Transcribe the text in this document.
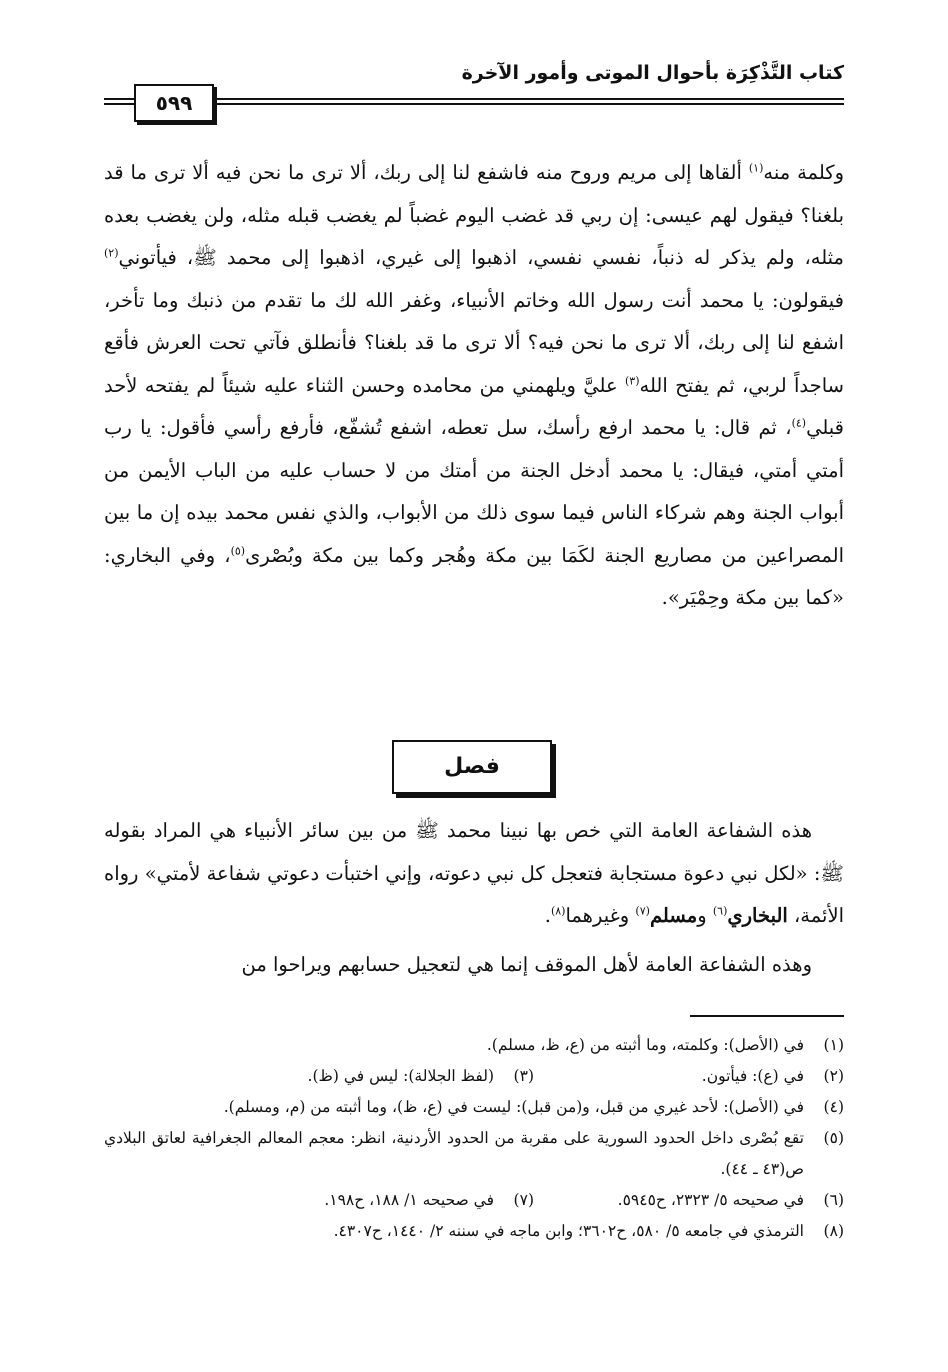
كتاب التَّذْكِرَة بأحوال الموتى وأمور الآخرة
٥٩٩

وكلمة منه$^{(١)}$ ألقاها إلى مريم وروح منه فاشفع لنا إلى ربك، ألا ترى ما نحن فيه ألا ترى ما قد بلغنا؟ فيقول لهم عيسى: إن ربي قد غضب اليوم غضباً لم يغضب قبله مثله، ولن يغضب بعده مثله، ولم يذكر له ذنباً، نفسي نفسي، اذهبوا إلى غيري، اذهبوا إلى محمد ﷺ، فيأتوني$^{(٢)}$ فيقولون: يا محمد أنت رسول الله وخاتم الأنبياء، وغفر الله لك ما تقدم من ذنبك وما تأخر، اشفع لنا إلى ربك، ألا ترى ما نحن فيه؟ ألا ترى ما قد بلغنا؟ فأنطلق فآتي تحت العرش فأقع ساجداً لربي، ثم يفتح الله$^{(٣)}$ عليَّ ويلهمني من محامده وحسن الثناء عليه شيئاً لم يفتحه لأحد قبلي$^{(٤)}$، ثم قال: يا محمد ارفع رأسك، سل تعطه، اشفع تُشفّع، فأرفع رأسي فأقول: يا رب أمتي أمتي، فيقال: يا محمد أدخل الجنة من أمتك من لا حساب عليه من الباب الأيمن من أبواب الجنة وهم شركاء الناس فيما سوى ذلك من الأبواب، والذي نفس محمد بيده إن ما بين المصراعين من مصاريع الجنة لكَمَا بين مكة وهُجر وكما بين مكة وبُصْرى$^{(٥)}$، وفي البخاري: «كما بين مكة وحِمْيَر».

فصل

هذه الشفاعة العامة التي خص بها نبينا محمد ﷺ من بين سائر الأنبياء هي المراد بقوله ﷺ: «لكل نبي دعوة مستجابة فتعجل كل نبي دعوته، وإني اختبأت دعوتي شفاعة لأمتي» رواه الأئمة، البخاري$^{(٦)}$ ومسلم$^{(٧)}$ وغيرهما$^{(٨)}$.

وهذه الشفاعة العامة لأهل الموقف إنما هي لتعجيل حسابهم ويراحوا من

(١)
في (الأصل): وكلمته، وما أثبته من (ع، ظ، مسلم).
(٢)
في (ع): فيأتون.
(٣)
(لفظ الجلالة): ليس في (ظ).
(٤)
في (الأصل): لأحد غيري من قبل، و(من قبل): ليست في (ع، ظ)، وما أثبته من (م، ومسلم).
(٥)
تقع بُصْرى داخل الحدود السورية على مقربة من الحدود الأردنية، انظر: معجم المعالم الجغرافية لعاتق البلادي ص(٤٣ ـ ٤٤).
(٦)
في صحيحه ٥/ ٢٣٢٣، ح٥٩٤٥.
(٧)
في صحيحه ١/ ١٨٨، ح١٩٨.
(٨)
الترمذي في جامعه ٥/ ٥٨٠، ح٣٦٠٢؛ وابن ماجه في سننه ٢/ ١٤٤٠، ح٤٣٠٧.
